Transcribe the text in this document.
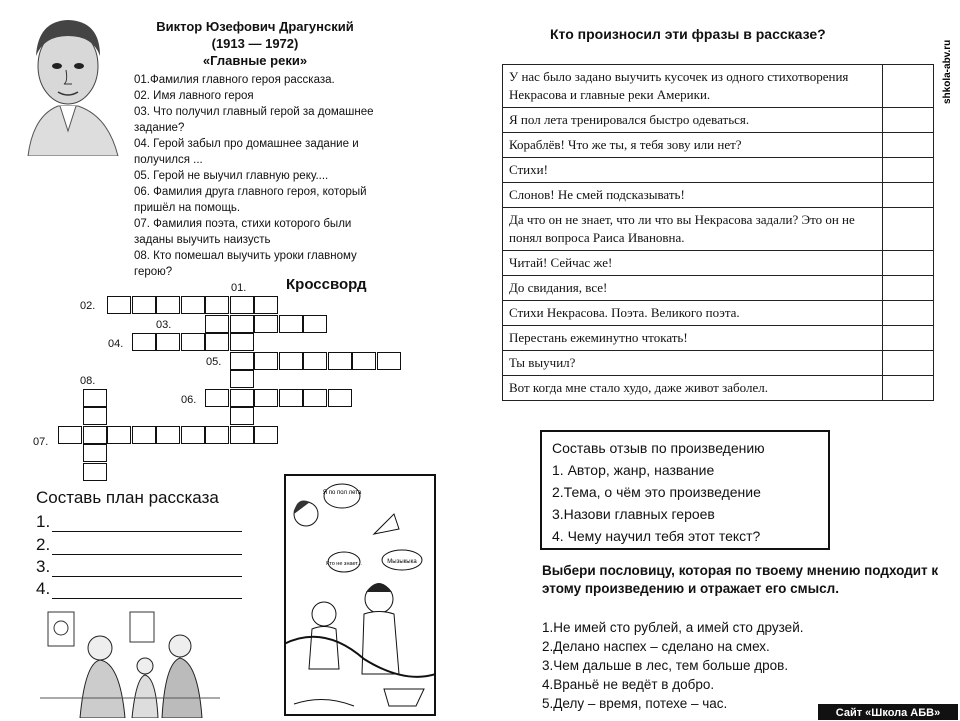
Виктор Юзефович Драгунский
(1913 — 1972)
«Главные реки»
01.Фамилия главного героя рассказа.
02. Имя лавного героя
03. Что получил главный герой за домашнее
задание?
04. Герой забыл про домашнее задание и
получился ...
05. Герой не выучил главную реку....
06. Фамилия друга главного героя, который
пришёл на помощь.
07. Фамилия поэта, стихи которого были
заданы выучить наизусть
08. Кто помешал выучить уроки главному
герою?
Кроссворд
01.
02.
03.
04.
05.
06.
07.
08.
Составь план рассказа
1.
2.
3.
4.
Я по пол лета
Мызыкыка
Кто не знает...
Кто произносил эти фразы в рассказе?
У нас было задано выучить кусочек из одного стихотворения Некрасова и главные реки Америки.	
Я пол лета тренировался быстро одеваться.	
Кораблёв! Что же ты, я тебя зову или нет?	
Стихи!	
Слонов! Не смей подсказывать!	
Да что он не знает, что ли что вы Некрасова задали? Это он не понял вопроса Раиса Ивановна.	
Читай! Сейчас же!	
До свидания, все!	
Стихи Некрасова. Поэта. Великого поэта.	
Перестань ежеминутно чтокать!	
Ты выучил?	
Вот когда мне стало худо, даже живот заболел.	
shkola-abv.ru
Составь отзыв по произведению
1. Автор, жанр, название
2.Тема, о чём это произведение
3.Назови главных героев
4. Чему научил тебя этот текст?
Выбери пословицу, которая по твоему мнению подходит к этому произведению и отражает его смысл.
1.Не имей сто рублей, а имей сто друзей.
2.Делано наспех – сделано на смех.
3.Чем дальше в лес, тем больше дров.
4.Враньё не ведёт в добро.
5.Делу – время, потехе – час.
Сайт «Школа АБВ»
